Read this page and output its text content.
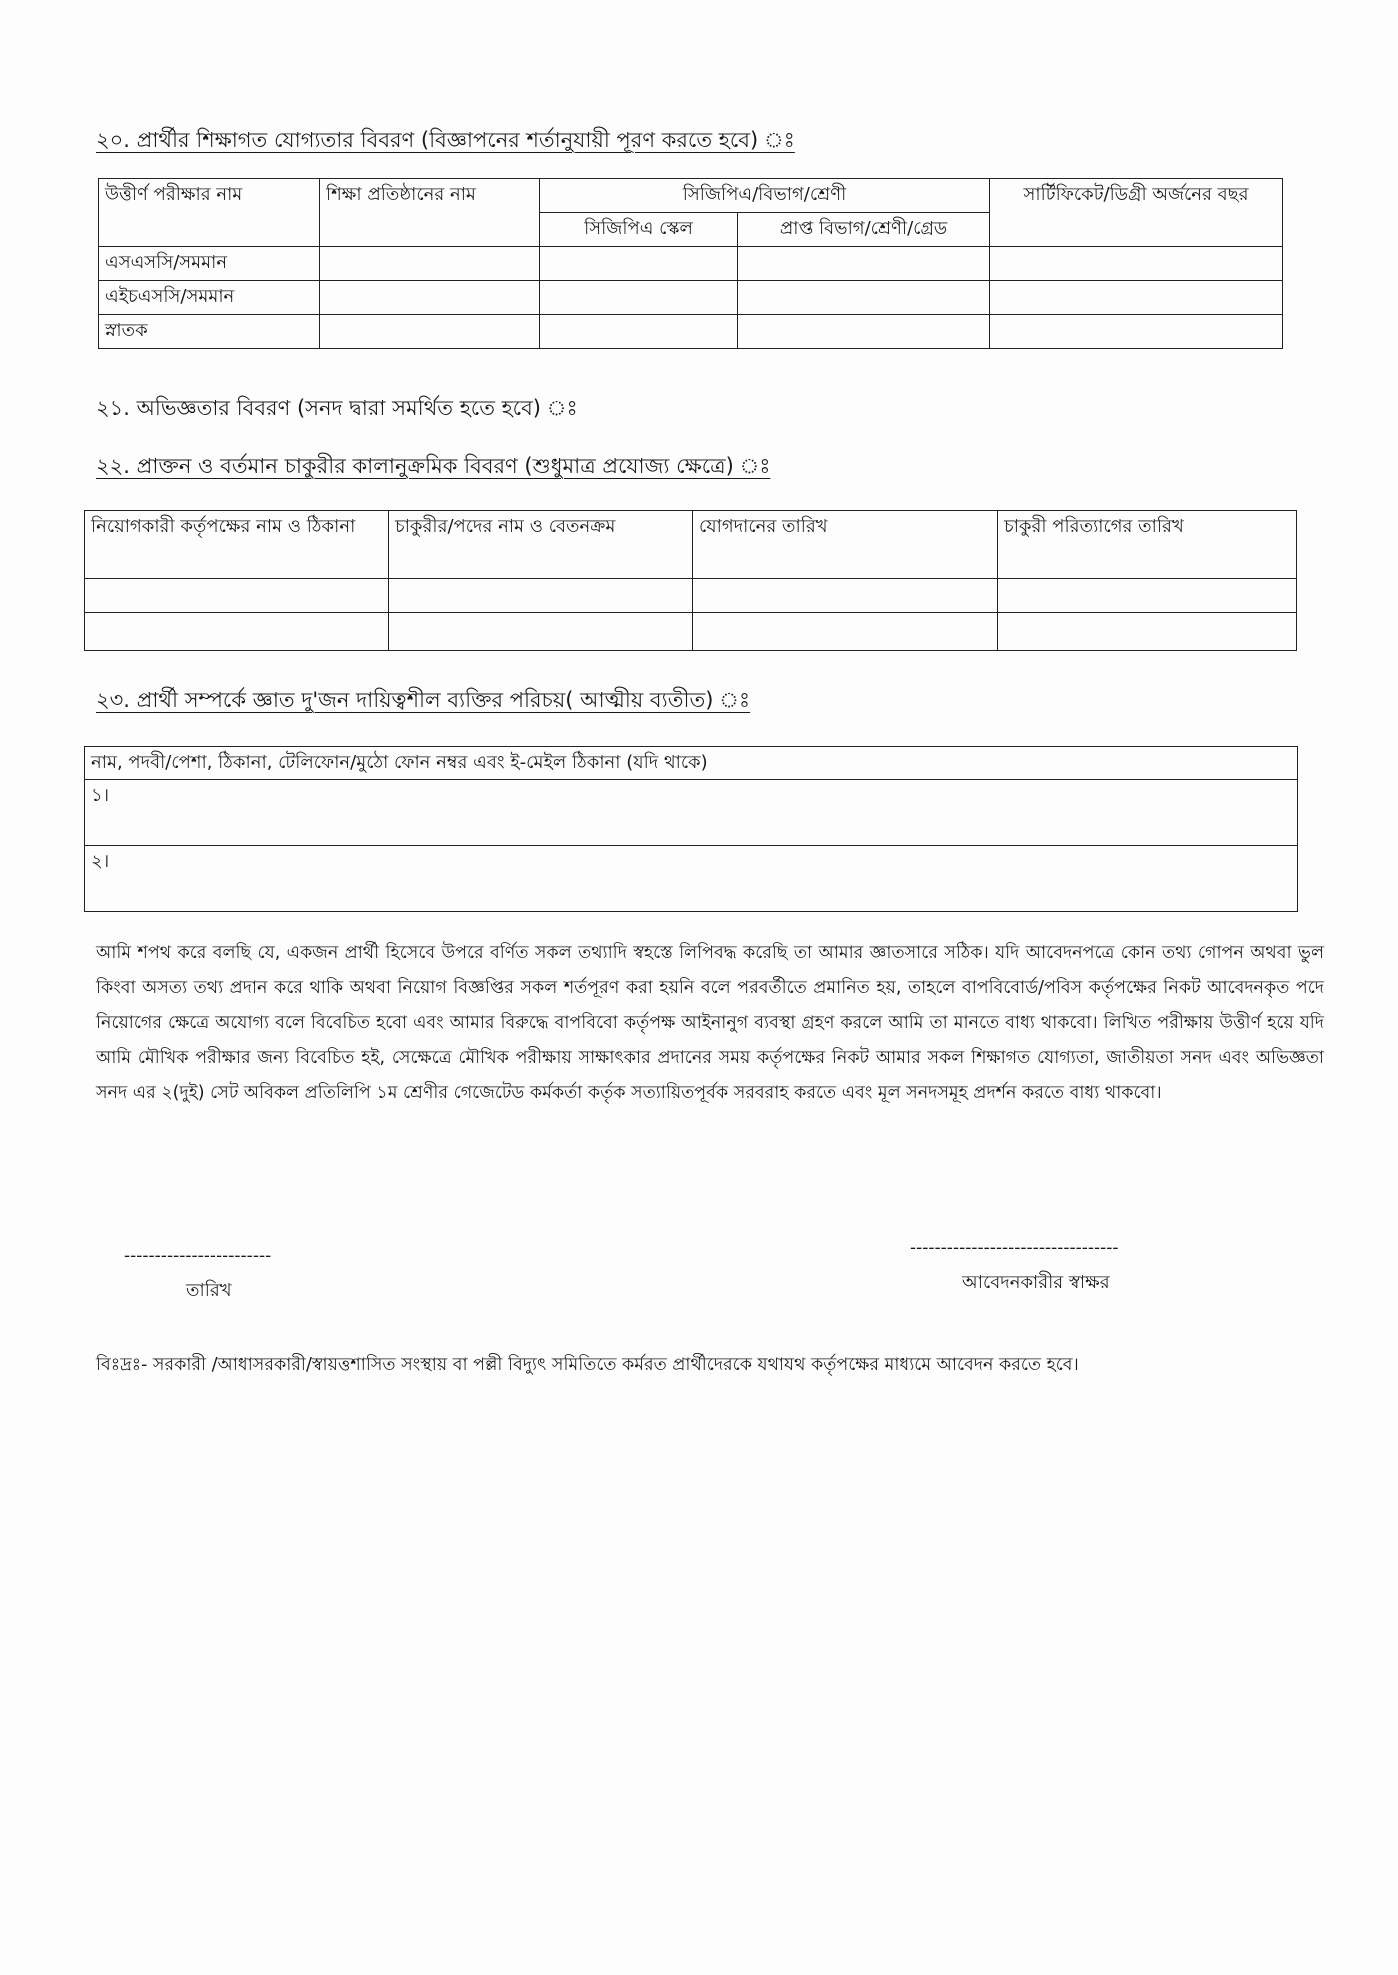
২০. প্রার্থীর শিক্ষাগত যোগ্যতার বিবরণ (বিজ্ঞাপনের শর্তানুযায়ী পূরণ করতে হবে) ঃ
উত্তীর্ণ পরীক্ষার নাম	শিক্ষা প্রতিষ্ঠানের নাম	সিজিপিএ/বিভাগ/শ্রেণী		সার্টিফিকেট/ডিগ্রী অর্জনের বছর
		সিজিপিএ স্কেল	প্রাপ্ত বিভাগ/শ্রেণী/গ্রেড	
এসএসসি/সমমান				
এইচএসসি/সমমান				
স্নাতক				
২১. অভিজ্ঞতার বিবরণ (সনদ দ্বারা সমর্থিত হতে হবে) ঃ
২২. প্রাক্তন ও বর্তমান চাকুরীর কালানুক্রমিক বিবরণ (শুধুমাত্র প্রযোজ্য ক্ষেত্রে) ঃ
নিয়োগকারী কর্তৃপক্ষের নাম ও ঠিকানা	চাকুরীর/পদের নাম ও বেতনক্রম	যোগদানের তারিখ	চাকুরী পরিত্যাগের তারিখ

২৩. প্রার্থী সম্পর্কে জ্ঞাত দু'জন দায়িত্বশীল ব্যক্তির পরিচয়( আত্মীয় ব্যতীত) ঃ
নাম, পদবী/পেশা, ঠিকানা, টেলিফোন/মুঠো ফোন নম্বর এবং ই-মেইল ঠিকানা (যদি থাকে)
১।
২।
আমি শপথ করে বলছি যে, একজন প্রার্থী হিসেবে উপরে বর্ণিত সকল তথ্যাদি স্বহস্তে লিপিবদ্ধ করেছি তা আমার জ্ঞাতসারে সঠিক। যদি আবেদনপত্রে কোন তথ্য গোপন অথবা ভুল কিংবা অসত্য তথ্য প্রদান করে থাকি অথবা নিয়োগ বিজ্ঞপ্তির সকল শর্তপূরণ করা হয়নি বলে পরবর্তীতে প্রমানিত হয়, তাহলে বাপবিবোর্ড/পবিস কর্তৃপক্ষের নিকট আবেদনকৃত পদে নিয়োগের ক্ষেত্রে অযোগ্য বলে বিবেচিত হবো এবং আমার বিরুদ্ধে বাপবিবো কর্তৃপক্ষ আইনানুগ ব্যবস্থা গ্রহণ করলে আমি তা মানতে বাধ্য থাকবো। লিখিত পরীক্ষায় উত্তীর্ণ হয়ে যদি আমি মৌখিক পরীক্ষার জন্য বিবেচিত হই, সেক্ষেত্রে মৌখিক পরীক্ষায় সাক্ষাৎকার প্রদানের সময় কর্তৃপক্ষের নিকট আমার সকল শিক্ষাগত যোগ্যতা, জাতীয়তা সনদ এবং অভিজ্ঞতা সনদ এর ২(দুই) সেট অবিকল প্রতিলিপি ১ম শ্রেণীর গেজেটেড কর্মকর্তা কর্তৃক সত্যায়িতপূর্বক সরবরাহ করতে এবং মূল সনদসমূহ প্রদর্শন করতে বাধ্য থাকবো।
------------------------
তারিখ
----------------------------------
আবেদনকারীর স্বাক্ষর
বিঃদ্রঃ- সরকারী /আধাসরকারী/স্বায়ত্তশাসিত সংস্থায় বা পল্লী বিদ্যুৎ সমিতিতে কর্মরত প্রার্থীদেরকে যথাযথ কর্তৃপক্ষের মাধ্যমে আবেদন করতে হবে।
